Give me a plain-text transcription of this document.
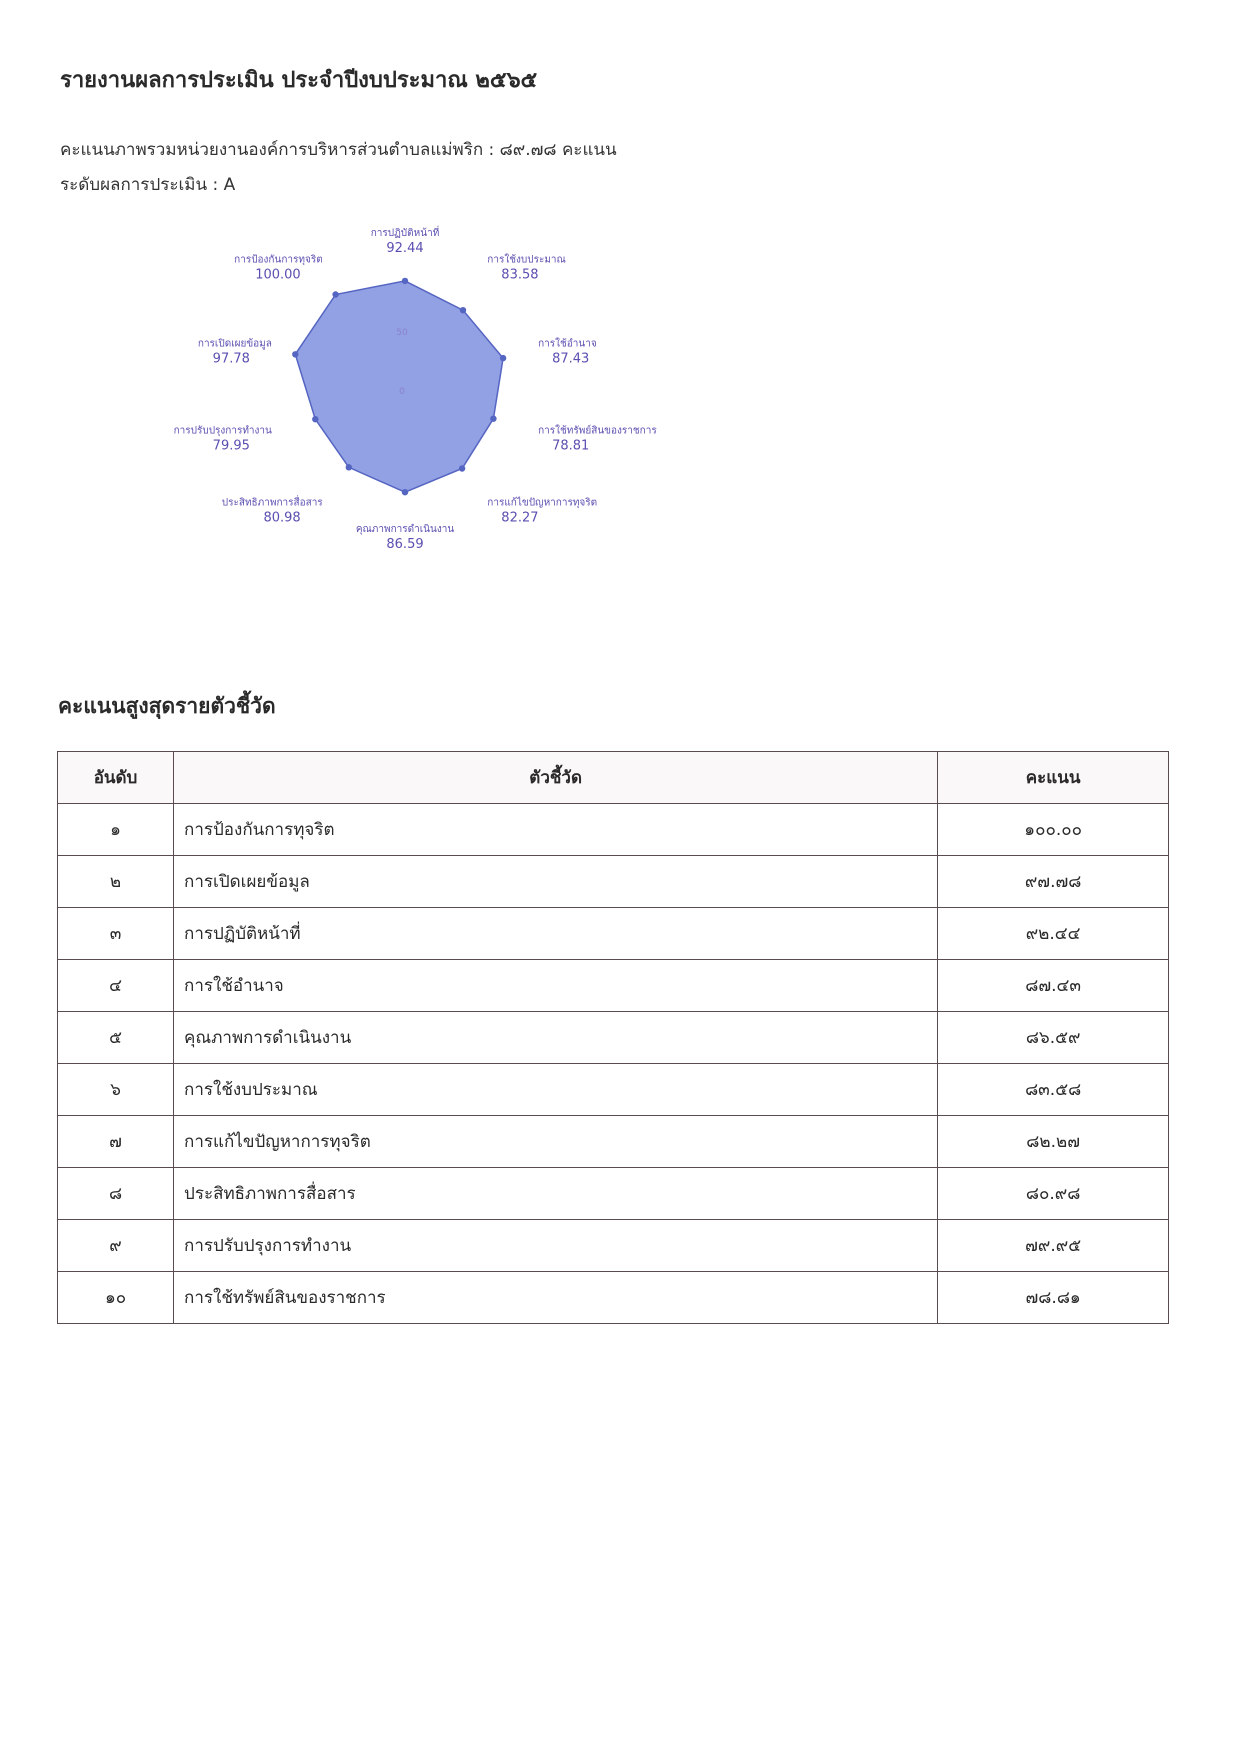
รายงานผลการประเมิน ประจำปีงบประมาณ ๒๕๖๕
คะแนนภาพรวมหน่วยงานองค์การบริหารส่วนตำบลแม่พริก : ๘๙.๗๘ คะแนน
ระดับผลการประเมิน : A
50
0
การปฏิบัติหน้าที่
92.44
การใช้งบประมาณ
83.58
การใช้อำนาจ
87.43
การใช้ทรัพย์สินของราชการ
78.81
การแก้ไขปัญหาการทุจริต
82.27
คุณภาพการดำเนินงาน
86.59
ประสิทธิภาพการสื่อสาร
80.98
การปรับปรุงการทำงาน
79.95
การเปิดเผยข้อมูล
97.78
การป้องกันการทุจริต
100.00
คะแนนสูงสุดรายตัวชี้วัด
อันดับ	ตัวชี้วัด	คะแนน
๑	การป้องกันการทุจริต	๑๐๐.๐๐
๒	การเปิดเผยข้อมูล	๙๗.๗๘
๓	การปฏิบัติหน้าที่	๙๒.๔๔
๔	การใช้อำนาจ	๘๗.๔๓
๕	คุณภาพการดำเนินงาน	๘๖.๕๙
๖	การใช้งบประมาณ	๘๓.๕๘
๗	การแก้ไขปัญหาการทุจริต	๘๒.๒๗
๘	ประสิทธิภาพการสื่อสาร	๘๐.๙๘
๙	การปรับปรุงการทำงาน	๗๙.๙๕
๑๐	การใช้ทรัพย์สินของราชการ	๗๘.๘๑
